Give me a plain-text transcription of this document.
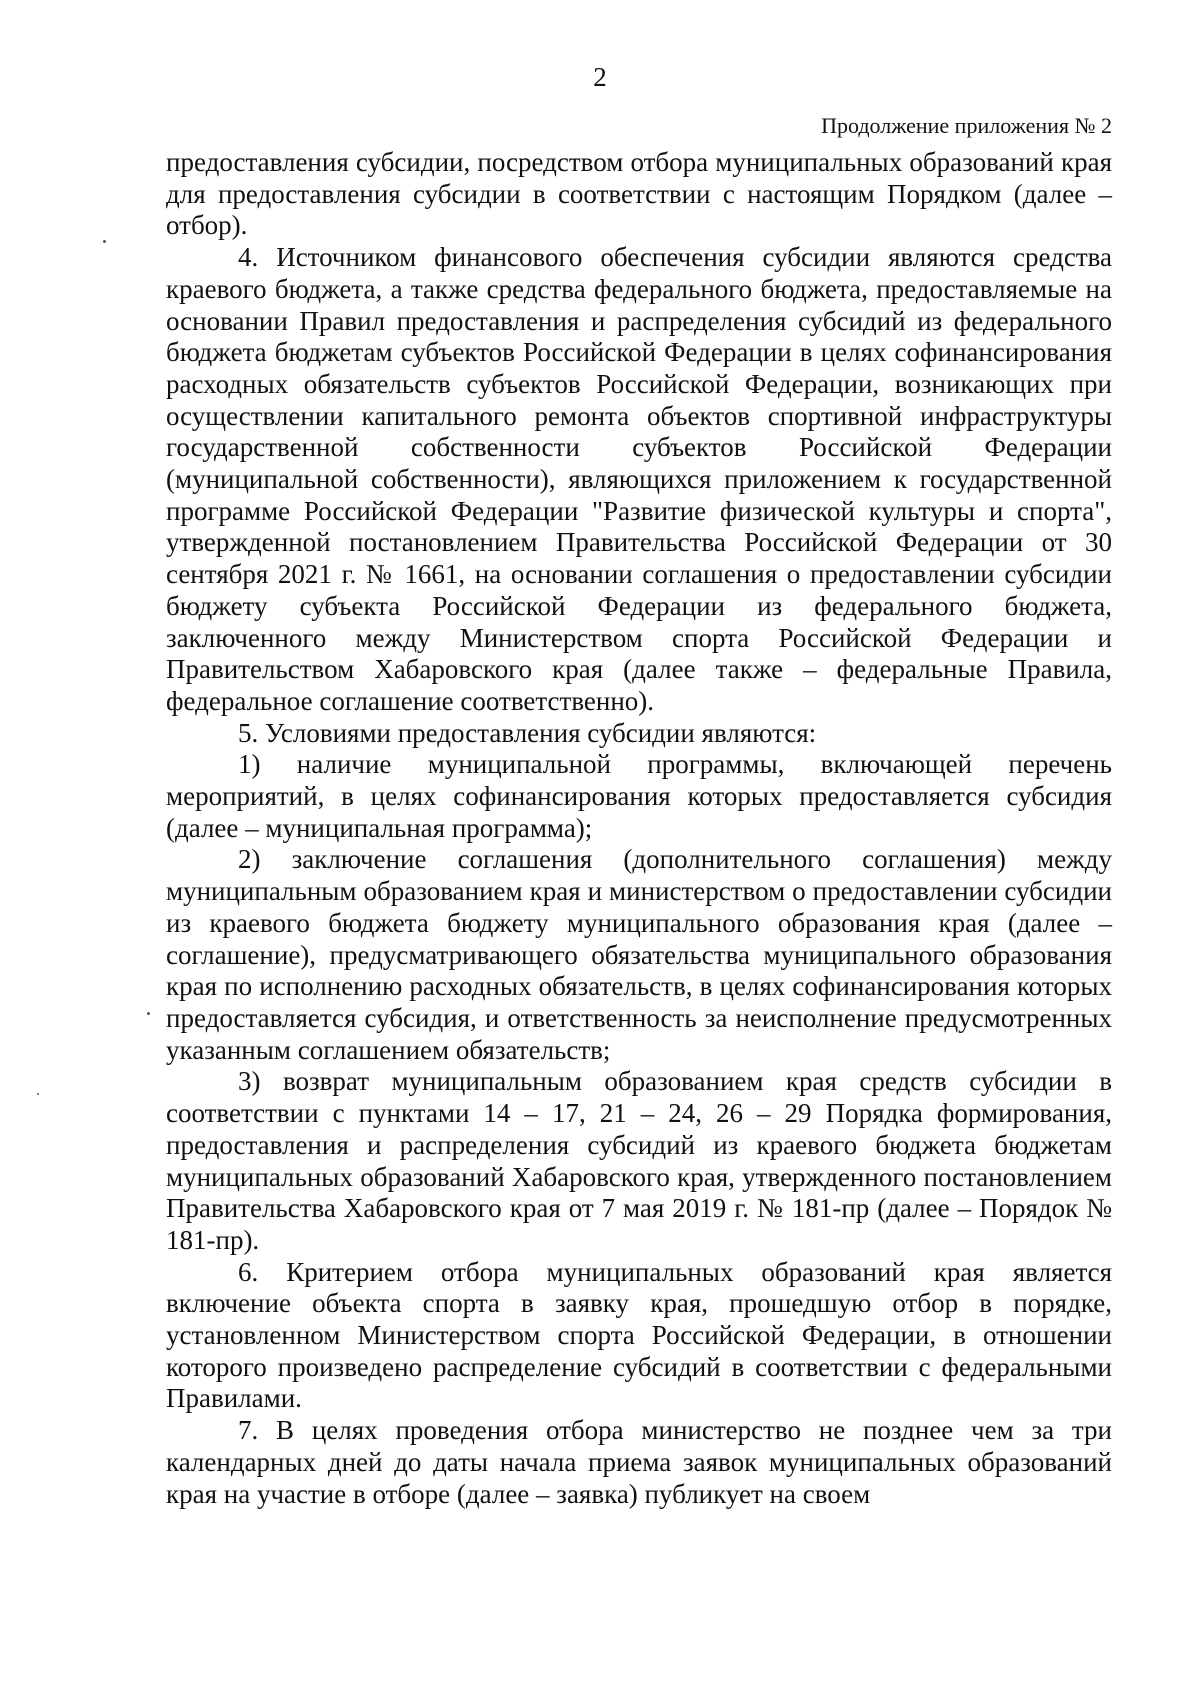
2
Продолжение приложения № 2

предоставления субсидии, посредством отбора муниципальных образований края для предоставления субсидии в соответствии с настоящим Порядком (далее – отбор).

4. Источником финансового обеспечения субсидии являются средства краевого бюджета, а также средства федерального бюджета, предоставляемые на основании Правил предоставления и распределения субсидий из федерального бюджета бюджетам субъектов Российской Федерации в целях софинансирования расходных обязательств субъектов Российской Федерации, возникающих при осуществлении капитального ремонта объектов спортивной инфраструктуры государственной собственности субъектов Российской Федерации (муниципальной собственности), являющихся приложением к государственной программе Российской Федерации "Развитие физической культуры и спорта", утвержденной постановлением Правительства Российской Федерации от 30 сентября 2021 г. № 1661, на основании соглашения о предоставлении субсидии бюджету субъекта Российской Федерации из федерального бюджета, заключенного между Министерством спорта Российской Федерации и Правительством Хабаровского края (далее также – федеральные Правила, федеральное соглашение соответственно).

5. Условиями предоставления субсидии являются:

1) наличие муниципальной программы, включающей перечень мероприятий, в целях софинансирования которых предоставляется субсидия (далее – муниципальная программа);

2) заключение соглашения (дополнительного соглашения) между муниципальным образованием края и министерством о предоставлении субсидии из краевого бюджета бюджету муниципального образования края (далее – соглашение), предусматривающего обязательства муниципального образования края по исполнению расходных обязательств, в целях софинансирования которых предоставляется субсидия, и ответственность за неисполнение предусмотренных указанным соглашением обязательств;

3) возврат муниципальным образованием края средств субсидии в соответствии с пунктами 14 – 17, 21 – 24, 26 – 29 Порядка формирования, предоставления и распределения субсидий из краевого бюджета бюджетам муниципальных образований Хабаровского края, утвержденного постановлением Правительства Хабаровского края от 7 мая 2019 г. № 181-пр (далее – Порядок № 181-пр).

6. Критерием отбора муниципальных образований края является включение объекта спорта в заявку края, прошедшую отбор в порядке, установленном Министерством спорта Российской Федерации, в отношении которого произведено распределение субсидий в соответствии с федеральными Правилами.

7. В целях проведения отбора министерство не позднее чем за три календарных дней до даты начала приема заявок муниципальных образований края на участие в отборе (далее – заявка) публикует на своем
